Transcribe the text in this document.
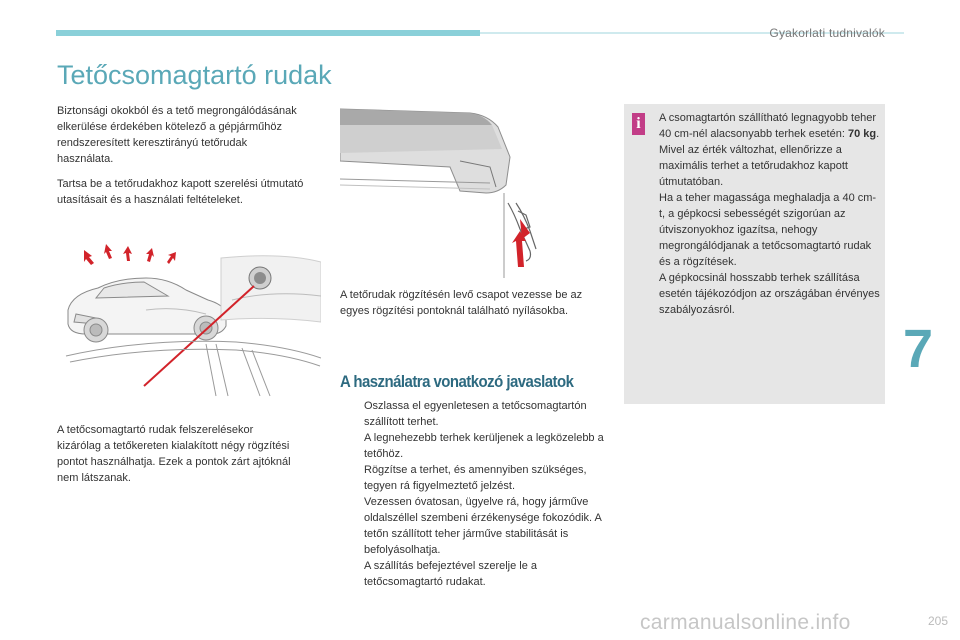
Gyakorlati tudnivalók
Tetőcsomagtartó rudak

Biztonsági okokból és a tető megrongálódásának elkerülése érdekében kötelező a gépjárműhöz rendszeresített keresztirányú tetőrudak használata.

Tartsa be a tetőrudakhoz kapott szerelési útmutató utasításait és a használati feltételeket.

A tetőcsomagtartó rudak felszerelésekor kizárólag a tetőkereten kialakított négy rögzítési pontot használhatja. Ezek a pontok zárt ajtóknál nem látszanak.

A tetőrudak rögzítésén levő csapot vezesse be az egyes rögzítési pontoknál található nyílásokba.

A használatra vonatkozó javaslatok
Oszlassa el egyenletesen a tetőcsomagtartón szállított terhet.
A legnehezebb terhek kerüljenek a legközelebb a tetőhöz.
Rögzítse a terhet, és amennyiben szükséges, tegyen rá figyelmeztető jelzést.
Vezessen óvatosan, ügyelve rá, hogy járműve oldalszéllel szembeni érzékenysége fokozódik. A tetőn szállított teher járműve stabilitását is befolyásolhatja.
A szállítás befejeztével szerelje le a tetőcsomagtartó rudakat.
i	A csomagtartón szállítható legnagyobb teher 40 cm-nél alacsonyabb terhek esetén: 70 kg.
Mivel az érték változhat, ellenőrizze a maximális terhet a tetőrudakhoz kapott útmutatóban.
Ha a teher magassága meghaladja a 40 cm-t, a gépkocsi sebességét szigorúan az útviszonyokhoz igazítsa, nehogy megrongálódjanak a tetőcsomagtartó rudak és a rögzítések.
A gépkocsinál hosszabb terhek szállítása esetén tájékozódjon az országában érvényes szabályozásról.
7
carmanualsonline.info	205
